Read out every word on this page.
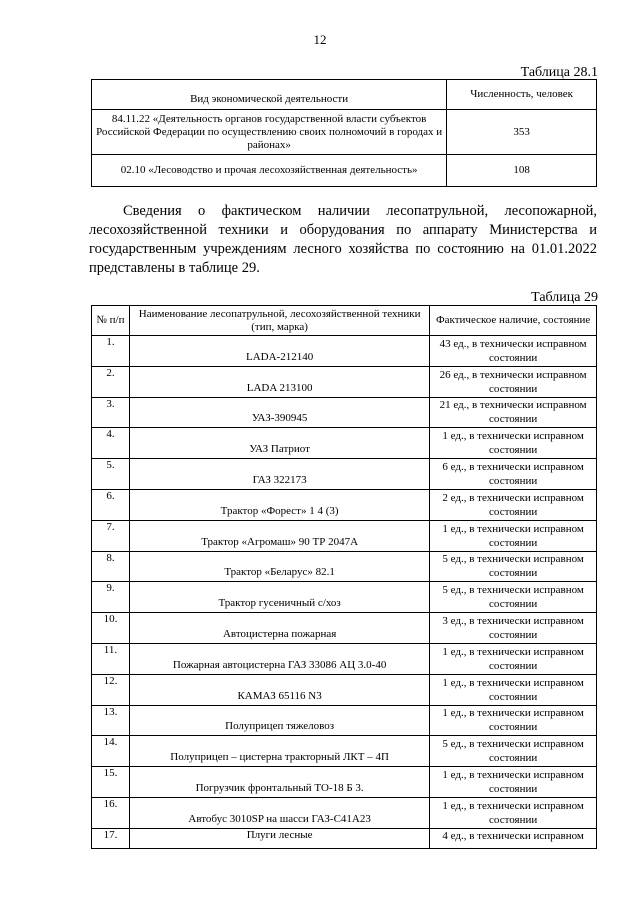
12
Таблица 28.1
Вид экономической деятельности	Численность, человек
84.11.22 «Деятельность органов государственной власти субъектов Российской Федерации по осуществлению своих полномочий в городах и районах»	353
02.10 «Лесоводство и прочая лесохозяйственная деятельность»	108

Сведения о фактическом наличии лесопатрульной, лесопожарной, лесохозяйственной техники и оборудования по аппарату Министерства и государственным учреждениям лесного хозяйства по состоянию на 01.01.2022 представлены в таблице 29.

Таблица 29
№ п/п	Наименование лесопатрульной, лесохозяйственной техники (тип, марка)	Фактическое наличие, состояние
1.	LADA-212140	43 ед., в технически исправном состоянии
2.	LADA 213100	26 ед., в технически исправном состоянии
3.	УАЗ-390945	21 ед., в технически исправном состоянии
4.	УАЗ Патриот	1 ед., в технически исправном состоянии
5.	ГАЗ 322173	6 ед., в технически исправном состоянии
6.	Трактор «Форест» 1 4 (3)	2 ед., в технически исправном состоянии
7.	Трактор «Агромаш» 90 ТР 2047А	1 ед., в технически исправном состоянии
8.	Трактор «Беларус» 82.1	5 ед., в технически исправном состоянии
9.	Трактор гусеничный с/хоз	5 ед., в технически исправном состоянии
10.	Автоцистерна пожарная	3 ед., в технически исправном состоянии
11.	Пожарная автоцистерна ГАЗ 33086 АЦ 3.0-40	1 ед., в технически исправном состоянии
12.	КАМАЗ 65116 N3	1 ед., в технически исправном состоянии
13.	Полуприцеп тяжеловоз	1 ед., в технически исправном состоянии
14.	Полуприцеп – цистерна тракторный ЛКТ – 4П	5 ед., в технически исправном состоянии
15.	Погрузчик фронтальный ТО-18 Б 3.	1 ед., в технически исправном состоянии
16.	Автобус 3010SP на шасси ГАЗ-С41А23	1 ед., в технически исправном состоянии
17.	Плуги лесные	4 ед., в технически исправном
